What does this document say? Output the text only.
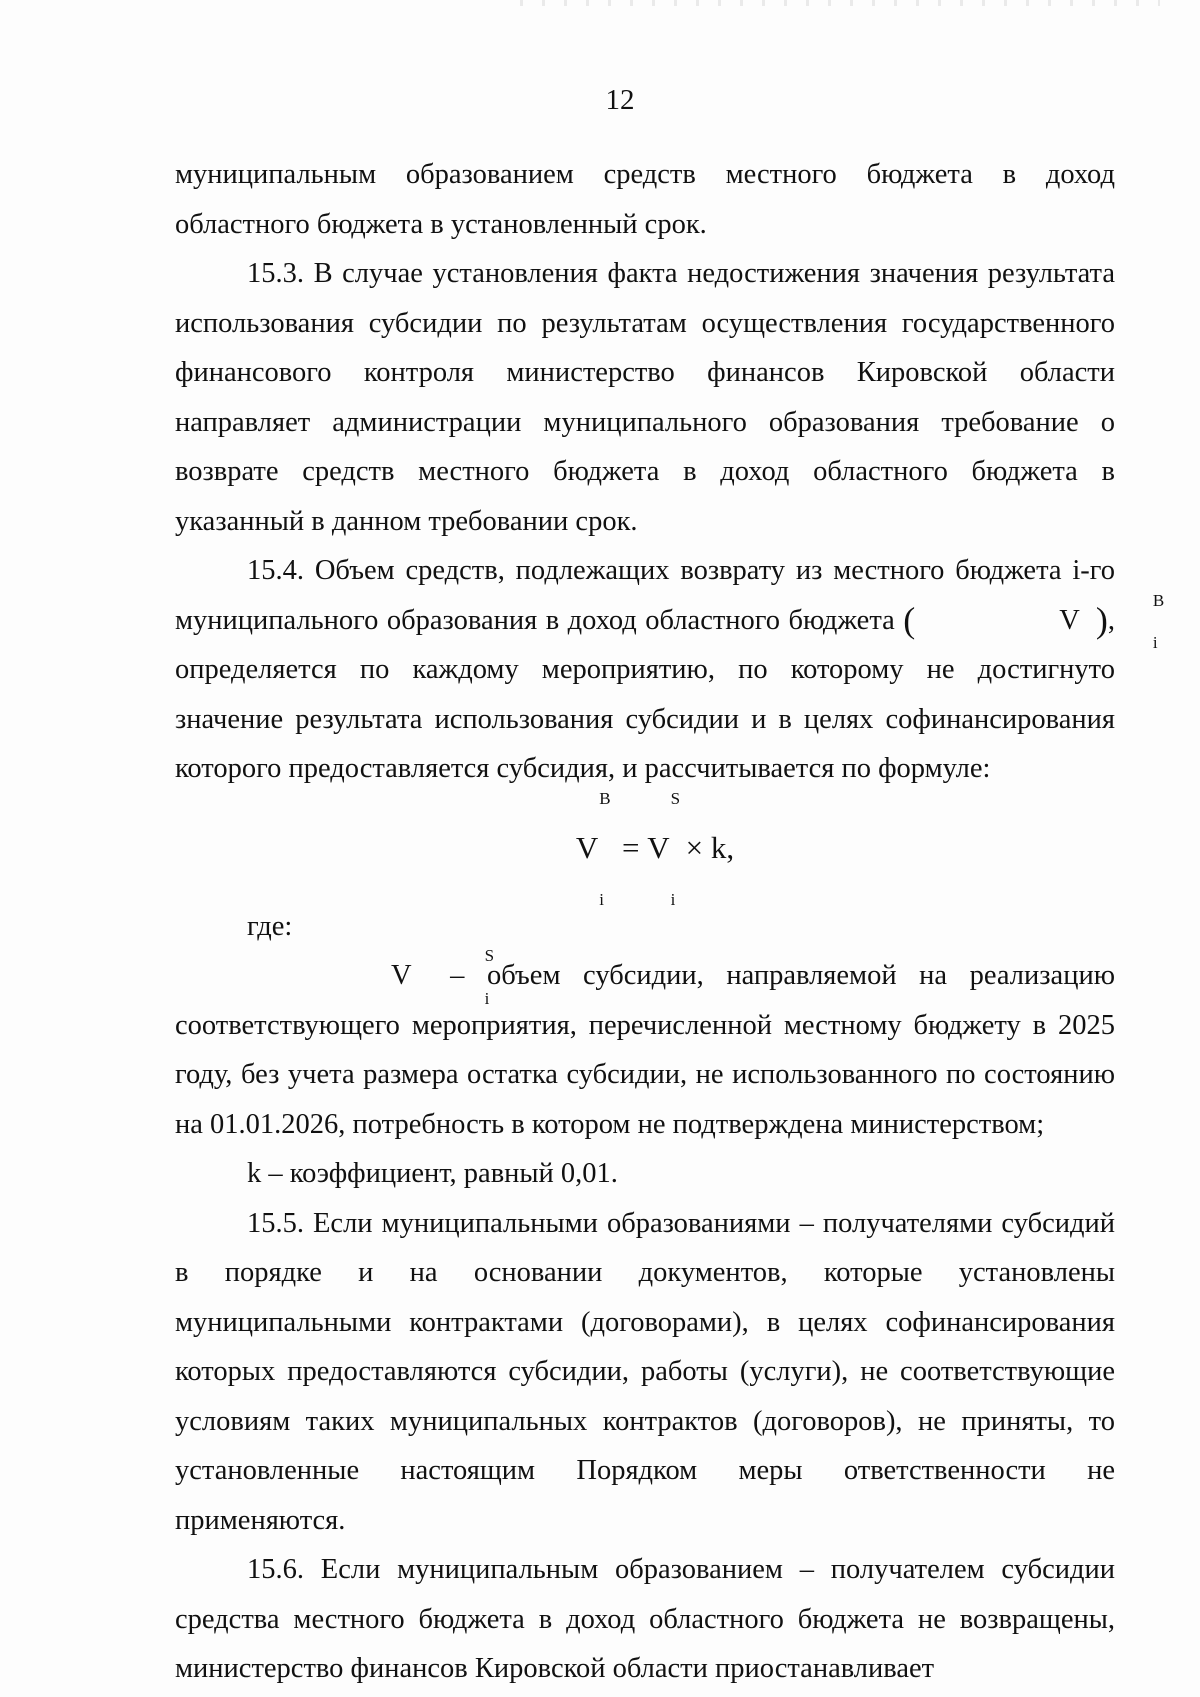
12

муниципальным образованием средств местного бюджета в доход областного бюджета в установленный срок.

15.3. В случае установления факта недостижения значения результата использования субсидии по результатам осуществления государственного финансового контроля министерство финансов Кировской области направляет администрации муниципального образования требование о возврате средств местного бюджета в доход областного бюджета в указанный в данном требовании срок.

15.4. Объем средств, подлежащих возврату из местного бюджета i-го муниципального образования в доход областного бюджета (	V
B
i
), определяется по каждому мероприятию, по которому не достигнуто значение результата использования субсидии и в целях софинансирования которого предоставляется субсидия, и рассчитывается по формуле:

V
B
i
= V
S
i
× k,

где:

V
S
i
– объем субсидии, направляемой на реализацию соответствующего мероприятия, перечисленной местному бюджету в 2025 году, без учета размера остатка субсидии, не использованного по состоянию на 01.01.2026, потребность в котором не подтверждена министерством;

k – коэффициент, равный 0,01.

15.5. Если муниципальными образованиями – получателями субсидий в порядке и на основании документов, которые установлены муниципальными контрактами (договорами), в целях софинансирования которых предоставляются субсидии, работы (услуги), не соответствующие условиям таких муниципальных контрактов (договоров), не приняты, то установленные настоящим Порядком меры ответственности не применяются.

15.6. Если муниципальным образованием – получателем субсидии средства местного бюджета в доход областного бюджета не возвращены, министерство финансов Кировской области приостанавливает
